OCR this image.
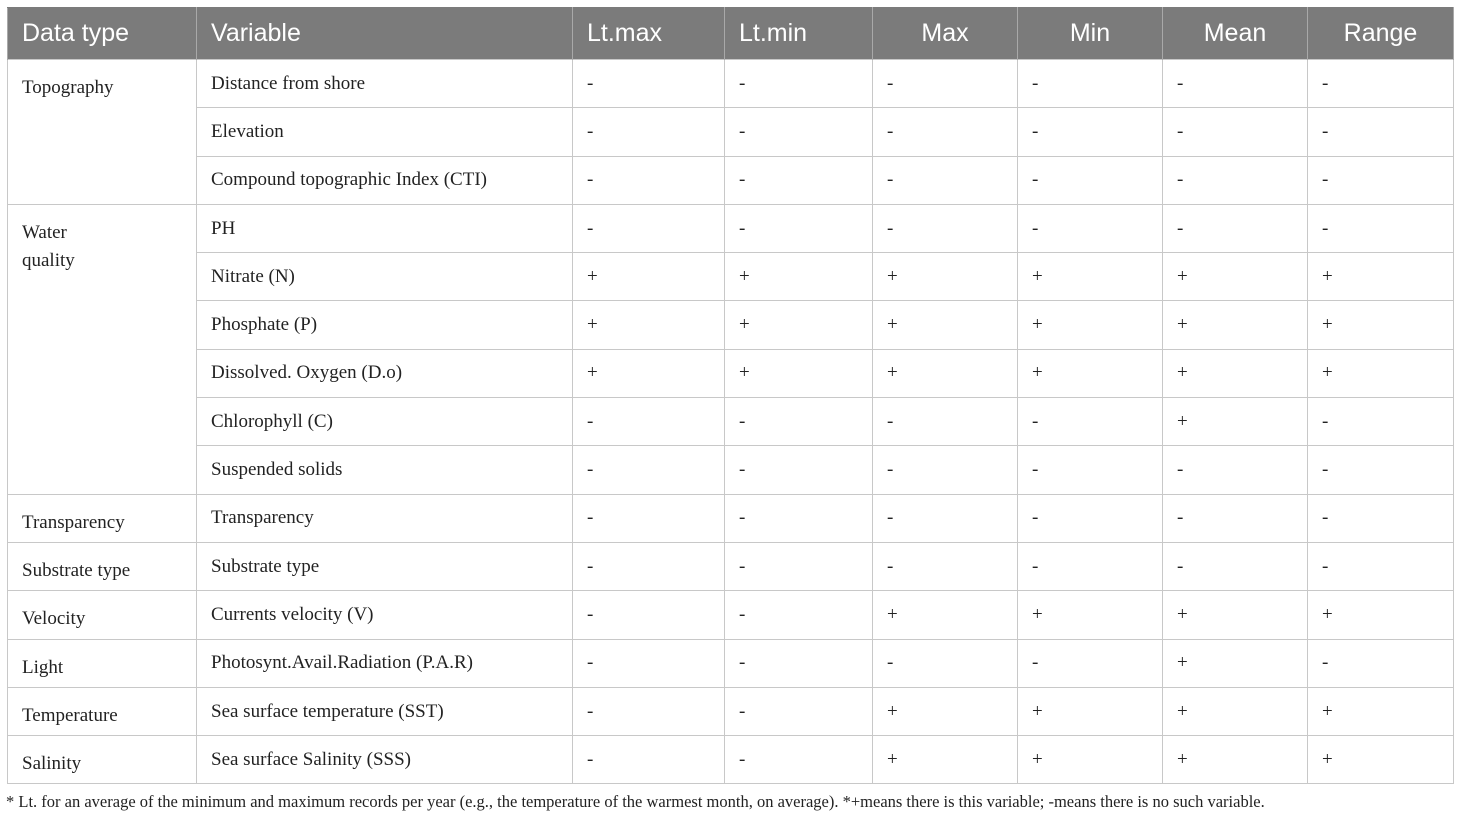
Data type	Variable	Lt.max	Lt.min	Max	Min	Mean	Range
Topography	Distance from shore	-	-	-	-	-	-
	Elevation	-	-	-	-	-	-
	Compound topographic Index (CTI)	-	-	-	-	-	-
Water quality	PH	-	-	-	-	-	-
	Nitrate (N)	+	+	+	+	+	+
	Phosphate (P)	+	+	+	+	+	+
	Dissolved. Oxygen (D.o)	+	+	+	+	+	+
	Chlorophyll (C)	-	-	-	-	+	-
	Suspended solids	-	-	-	-	-	-
Transparency	Transparency	-	-	-	-	-	-
Substrate type	Substrate type	-	-	-	-	-	-
Velocity	Currents velocity (V)	-	-	+	+	+	+
Light	Photosynt.Avail.Radiation (P.A.R)	-	-	-	-	+	-
Temperature	Sea surface temperature (SST)	-	-	+	+	+	+
Salinity	Sea surface Salinity (SSS)	-	-	+	+	+	+
* Lt. for an average of the minimum and maximum records per year (e.g., the temperature of the warmest month, on average). *+means there is this variable; -means there is no such variable.
